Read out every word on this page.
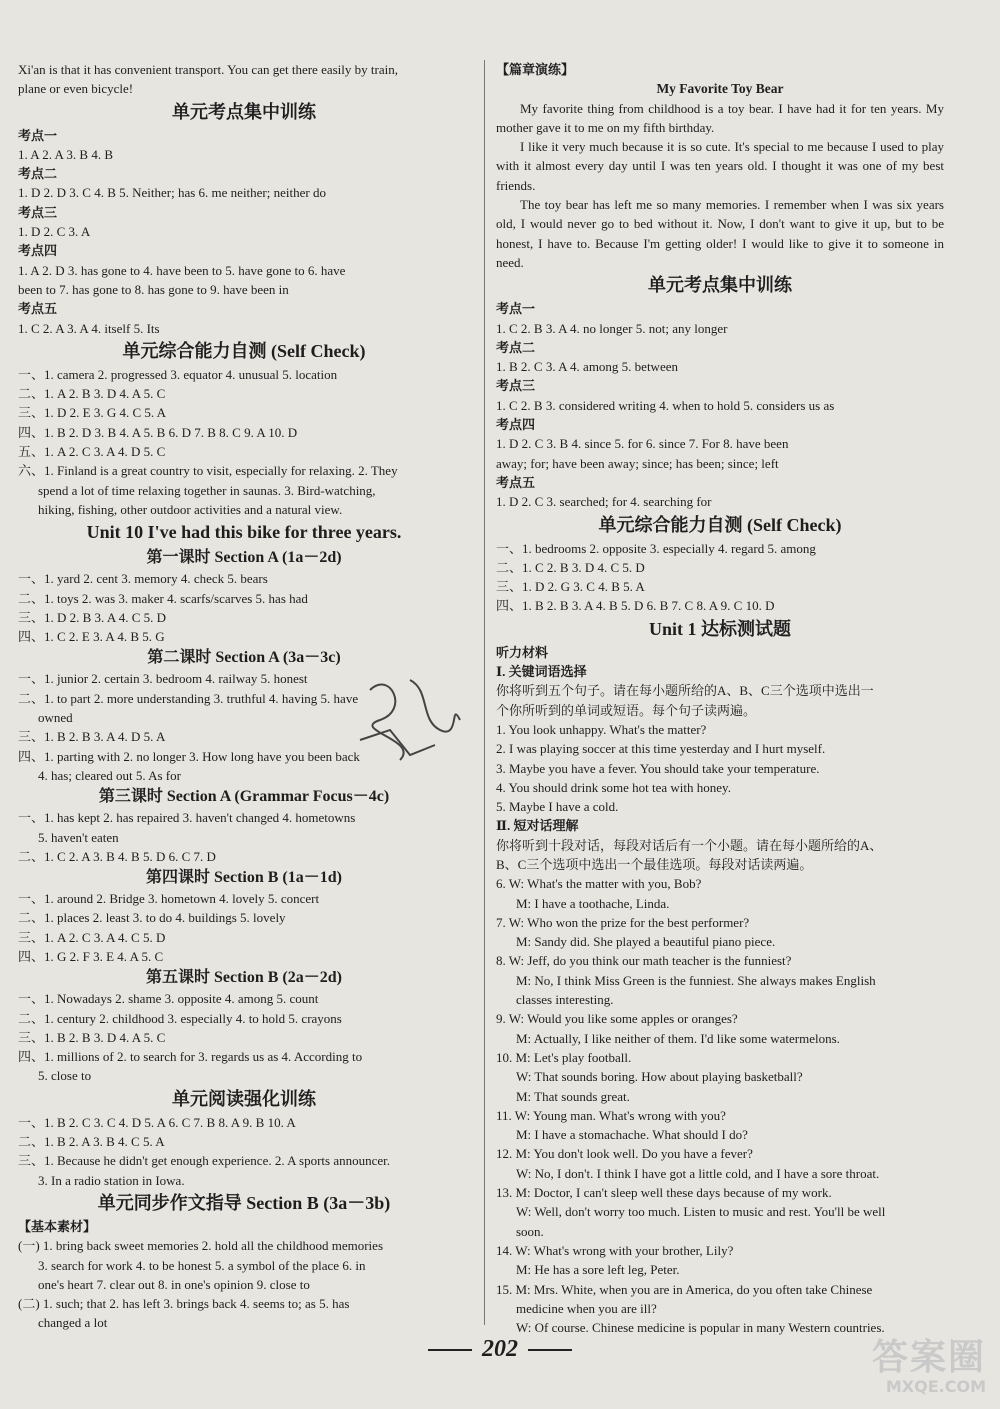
Xi'an is that it has convenient transport. You can get there easily by train,
plane or even bicycle!
单元考点集中训练
考点一
1. A 2. A 3. B 4. B
考点二
1. D 2. D 3. C 4. B 5. Neither; has 6. me neither; neither do
考点三
1. D 2. C 3. A
考点四
1. A 2. D 3. has gone to 4. have been to 5. have gone to 6. have
been to 7. has gone to 8. has gone to 9. have been in
考点五
1. C 2. A 3. A 4. itself 5. Its
单元综合能力自测 (Self Check)
一、1. camera 2. progressed 3. equator 4. unusual 5. location
二、1. A 2. B 3. D 4. A 5. C
三、1. D 2. E 3. G 4. C 5. A
四、1. B 2. D 3. B 4. A 5. B 6. D 7. B 8. C 9. A 10. D
五、1. A 2. C 3. A 4. D 5. C
六、1. Finland is a great country to visit, especially for relaxing. 2. They
spend a lot of time relaxing together in saunas. 3. Bird-watching,
hiking, fishing, other outdoor activities and a natural view.
Unit 10 I've had this bike for three years.
第一课时 Section A (1a－2d)
一、1. yard 2. cent 3. memory 4. check 5. bears
二、1. toys 2. was 3. maker 4. scarfs/scarves 5. has had
三、1. D 2. B 3. A 4. C 5. D
四、1. C 2. E 3. A 4. B 5. G
第二课时 Section A (3a－3c)
一、1. junior 2. certain 3. bedroom 4. railway 5. honest
二、1. to part 2. more understanding 3. truthful 4. having 5. have
owned
三、1. B 2. B 3. A 4. D 5. A
四、1. parting with 2. no longer 3. How long have you been back
4. has; cleared out 5. As for
第三课时 Section A (Grammar Focus－4c)
一、1. has kept 2. has repaired 3. haven't changed 4. hometowns
5. haven't eaten
二、1. C 2. A 3. B 4. B 5. D 6. C 7. D
第四课时 Section B (1a－1d)
一、1. around 2. Bridge 3. hometown 4. lovely 5. concert
二、1. places 2. least 3. to do 4. buildings 5. lovely
三、1. A 2. C 3. A 4. C 5. D
四、1. G 2. F 3. E 4. A 5. C
第五课时 Section B (2a－2d)
一、1. Nowadays 2. shame 3. opposite 4. among 5. count
二、1. century 2. childhood 3. especially 4. to hold 5. crayons
三、1. B 2. B 3. D 4. A 5. C
四、1. millions of 2. to search for 3. regards us as 4. According to
5. close to
单元阅读强化训练
一、1. B 2. C 3. C 4. D 5. A 6. C 7. B 8. A 9. B 10. A
二、1. B 2. A 3. B 4. C 5. A
三、1. Because he didn't get enough experience. 2. A sports announcer.
3. In a radio station in Iowa.
单元同步作文指导 Section B (3a－3b)
【基本素材】
(一) 1. bring back sweet memories 2. hold all the childhood memories
3. search for work 4. to be honest 5. a symbol of the place 6. in
one's heart 7. clear out 8. in one's opinion 9. close to
(二) 1. such; that 2. has left 3. brings back 4. seems to; as 5. has
changed a lot
【篇章演练】
My Favorite Toy Bear
My favorite thing from childhood is a toy bear. I have had it for ten years. My mother gave it to me on my fifth birthday.
I like it very much because it is so cute. It's special to me because I used to play with it almost every day until I was ten years old. I thought it was one of my best friends.
The toy bear has left me so many memories. I remember when I was six years old, I would never go to bed without it. Now, I don't want to give it up, but to be honest, I have to. Because I'm getting older! I would like to give it to someone in need.
单元考点集中训练
考点一
1. C 2. B 3. A 4. no longer 5. not; any longer
考点二
1. B 2. C 3. A 4. among 5. between
考点三
1. C 2. B 3. considered writing 4. when to hold 5. considers us as
考点四
1. D 2. C 3. B 4. since 5. for 6. since 7. For 8. have been
away; for; have been away; since; has been; since; left
考点五
1. D 2. C 3. searched; for 4. searching for
单元综合能力自测 (Self Check)
一、1. bedrooms 2. opposite 3. especially 4. regard 5. among
二、1. C 2. B 3. D 4. C 5. D
三、1. D 2. G 3. C 4. B 5. A
四、1. B 2. B 3. A 4. B 5. D 6. B 7. C 8. A 9. C 10. D
Unit 1 达标测试题
听力材料
Ⅰ. 关键词语选择
你将听到五个句子。请在每小题所给的A、B、C三个选项中选出一
个你所听到的单词或短语。每个句子读两遍。
1. You look unhappy. What's the matter?
2. I was playing soccer at this time yesterday and I hurt myself.
3. Maybe you have a fever. You should take your temperature.
4. You should drink some hot tea with honey.
5. Maybe I have a cold.
Ⅱ. 短对话理解
你将听到十段对话，每段对话后有一个小题。请在每小题所给的A、
B、C三个选项中选出一个最佳选项。每段对话读两遍。
6. W: What's the matter with you, Bob?
M: I have a toothache, Linda.
7. W: Who won the prize for the best performer?
M: Sandy did. She played a beautiful piano piece.
8. W: Jeff, do you think our math teacher is the funniest?
M: No, I think Miss Green is the funniest. She always makes English
classes interesting.
9. W: Would you like some apples or oranges?
M: Actually, I like neither of them. I'd like some watermelons.
10. M: Let's play football.
W: That sounds boring. How about playing basketball?
M: That sounds great.
11. W: Young man. What's wrong with you?
M: I have a stomachache. What should I do?
12. M: You don't look well. Do you have a fever?
W: No, I don't. I think I have got a little cold, and I have a sore throat.
13. M: Doctor, I can't sleep well these days because of my work.
W: Well, don't worry too much. Listen to music and rest. You'll be well
soon.
14. W: What's wrong with your brother, Lily?
M: He has a sore left leg, Peter.
15. M: Mrs. White, when you are in America, do you often take Chinese
medicine when you are ill?
W: Of course. Chinese medicine is popular in many Western countries.
202	答案圈
MXQE.COM
